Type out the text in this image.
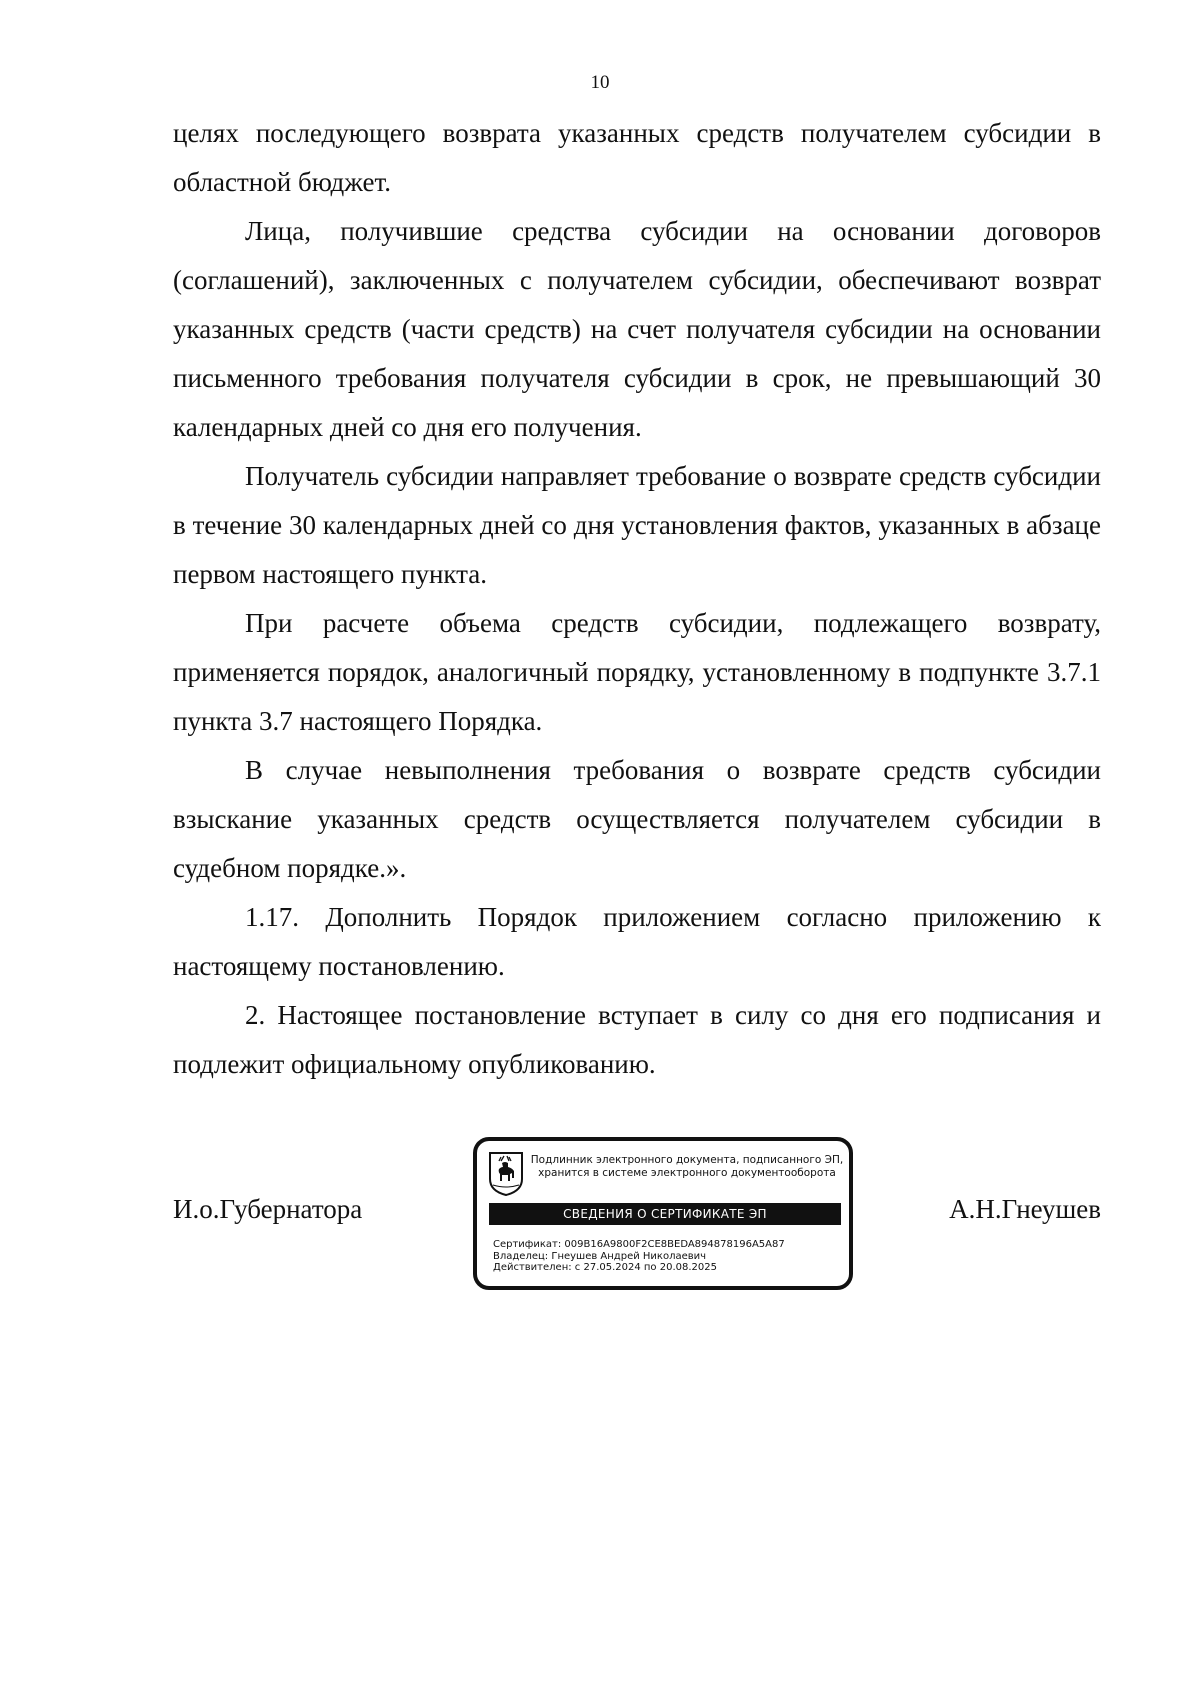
10

целях последующего возврата указанных средств получателем субсидии в областной бюджет.

Лица, получившие средства субсидии на основании договоров (соглашений), заключенных с получателем субсидии, обеспечивают возврат указанных средств (части средств) на счет получателя субсидии на основании письменного требования получателя субсидии в срок, не превышающий 30 календарных дней со дня его получения.

Получатель субсидии направляет требование о возврате средств субсидии в течение 30 календарных дней со дня установления фактов, указанных в абзаце первом настоящего пункта.

При расчете объема средств субсидии, подлежащего возврату, применяется порядок, аналогичный порядку, установленному в подпункте 3.7.1 пункта 3.7 настоящего Порядка.

В случае невыполнения требования о возврате средств субсидии взыскание указанных средств осуществляется получателем субсидии в судебном порядке.».

1.17. Дополнить Порядок приложением согласно приложению к настоящему постановлению.

2. Настоящее постановление вступает в силу со дня его подписания и подлежит официальному опубликованию.

И.о.Губернатора
Подлинник электронного документа, подписанного ЭП,
хранится в системе электронного документооборота
СВЕДЕНИЯ О СЕРТИФИКАТЕ ЭП
Сертификат: 009B16A9800F2CE8BEDA894878196A5A87
Владелец: Гнеушев Андрей Николаевич
Действителен: с 27.05.2024 по 20.08.2025
А.Н.Гнеушев
